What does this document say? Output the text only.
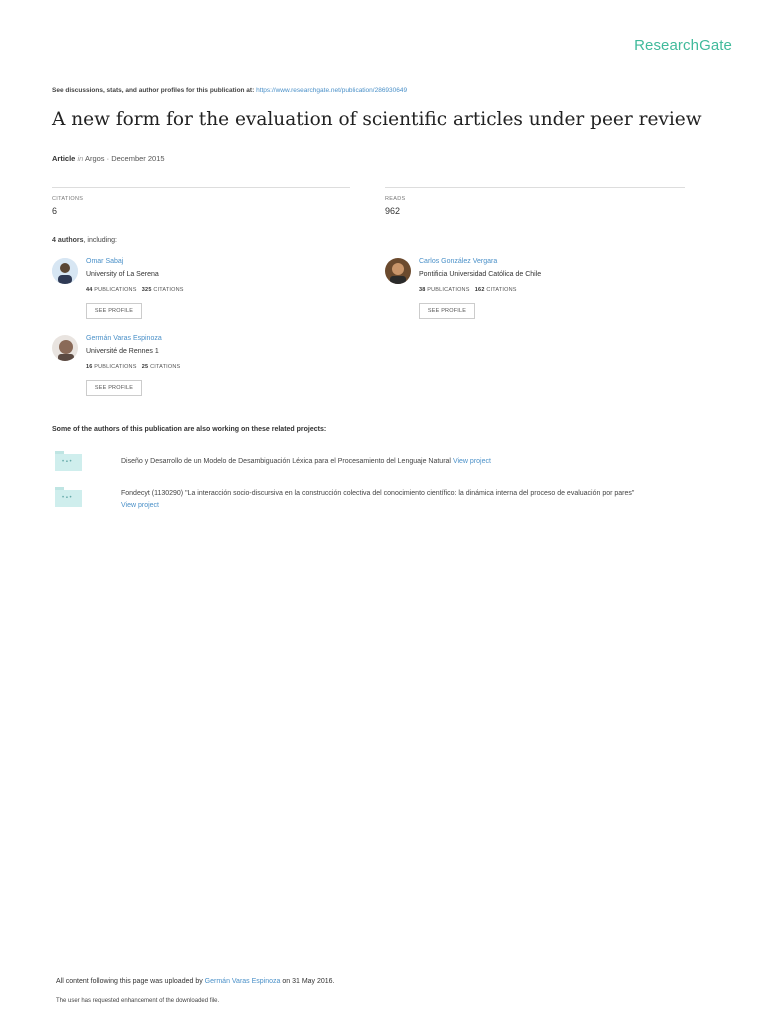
ResearchGate
See discussions, stats, and author profiles for this publication at: https://www.researchgate.net/publication/286930649
A new form for the evaluation of scientific articles under peer review
Article in Argos · December 2015
CITATIONS
6
READS
962
4 authors, including:
Omar Sabaj
University of La Serena
44 PUBLICATIONS 325 CITATIONS
SEE PROFILE
Carlos González Vergara
Pontificia Universidad Católica de Chile
38 PUBLICATIONS 162 CITATIONS
SEE PROFILE
Germán Varas Espinoza
Université de Rennes 1
16 PUBLICATIONS 25 CITATIONS
SEE PROFILE
Some of the authors of this publication are also working on these related projects:
• ▪ •	Diseño y Desarrollo de un Modelo de Desambiguación Léxica para el Procesamiento del Lenguaje Natural View project
• ▪ •
Fondecyt (1130290) "La interacción socio-discursiva en la construcción colectiva del conocimiento científico: la dinámica interna del proceso de evaluación por pares"
View project
All content following this page was uploaded by Germán Varas Espinoza on 31 May 2016.
The user has requested enhancement of the downloaded file.
